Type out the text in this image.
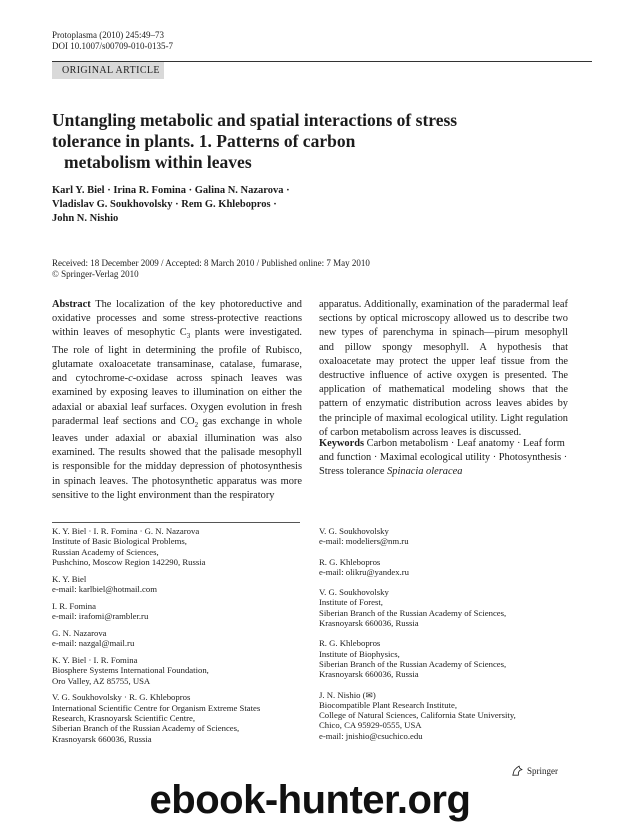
Protoplasma (2010) 245:49–73
DOI 10.1007/s00709-010-0135-7
ORIGINAL ARTICLE
Untangling metabolic and spatial interactions of stress
tolerance in plants. 1. Patterns of carbon
metabolism within leaves
Karl Y. Biel · Irina R. Fomina · Galina N. Nazarova ·
Vladislav G. Soukhovolsky · Rem G. Khlebopros ·
John N. Nishio
Received: 18 December 2009 / Accepted: 8 March 2010 / Published online: 7 May 2010
© Springer-Verlag 2010
Abstract The localization of the key photoreductive and oxidative processes and some stress-protective reactions within leaves of mesophytic $C_3$ plants were investigated. The role of light in determining the profile of Rubisco, glutamate oxaloacetate transaminase, catalase, fumarase, and cytochrome-c-oxidase across spinach leaves was examined by exposing leaves to illumination on either the adaxial or abaxial leaf surfaces. Oxygen evolution in fresh paradermal leaf sections and $CO_2$ gas exchange in whole leaves under adaxial or abaxial illumination was also examined. The results showed that the palisade mesophyll is responsible for the midday depression of photosynthesis in spinach leaves. The photosynthetic apparatus was more sensitive to the light environment than the respiratory
apparatus. Additionally, examination of the paradermal leaf sections by optical microscopy allowed us to describe two new types of parenchyma in spinach—pirum mesophyll and pillow spongy mesophyll. A hypothesis that oxaloacetate may protect the upper leaf tissue from the destructive influence of active oxygen is presented. The application of mathematical modeling shows that the pattern of enzymatic distribution across leaves abides by the principle of maximal ecological utility. Light regulation of carbon metabolism across leaves is discussed.
Keywords Carbon metabolism · Leaf anatomy · Leaf form and function · Maximal ecological utility · Photosynthesis · Stress tolerance Spinacia oleracea
K. Y. Biel · I. R. Fomina · G. N. Nazarova
Institute of Basic Biological Problems,
Russian Academy of Sciences,
Pushchino, Moscow Region 142290, Russia
K. Y. Biel
e-mail: karlbiel@hotmail.com
I. R. Fomina
e-mail: irafomi@rambler.ru
G. N. Nazarova
e-mail: nazgal@mail.ru
K. Y. Biel · I. R. Fomina
Biosphere Systems International Foundation,
Oro Valley, AZ 85755, USA
V. G. Soukhovolsky · R. G. Khlebopros
International Scientific Centre for Organism Extreme States
Research, Krasnoyarsk Scientific Centre,
Siberian Branch of the Russian Academy of Sciences,
Krasnoyarsk 660036, Russia
V. G. Soukhovolsky
e-mail: modeliers@nm.ru
R. G. Khlebopros
e-mail: olikru@yandex.ru
V. G. Soukhovolsky
Institute of Forest,
Siberian Branch of the Russian Academy of Sciences,
Krasnoyarsk 660036, Russia
R. G. Khlebopros
Institute of Biophysics,
Siberian Branch of the Russian Academy of Sciences,
Krasnoyarsk 660036, Russia
J. N. Nishio (✉)
Biocompatible Plant Research Institute,
College of Natural Sciences, California State University,
Chico, CA 95929-0555, USA
e-mail: jnishio@csuchico.edu
Springer
ebook-hunter.org
